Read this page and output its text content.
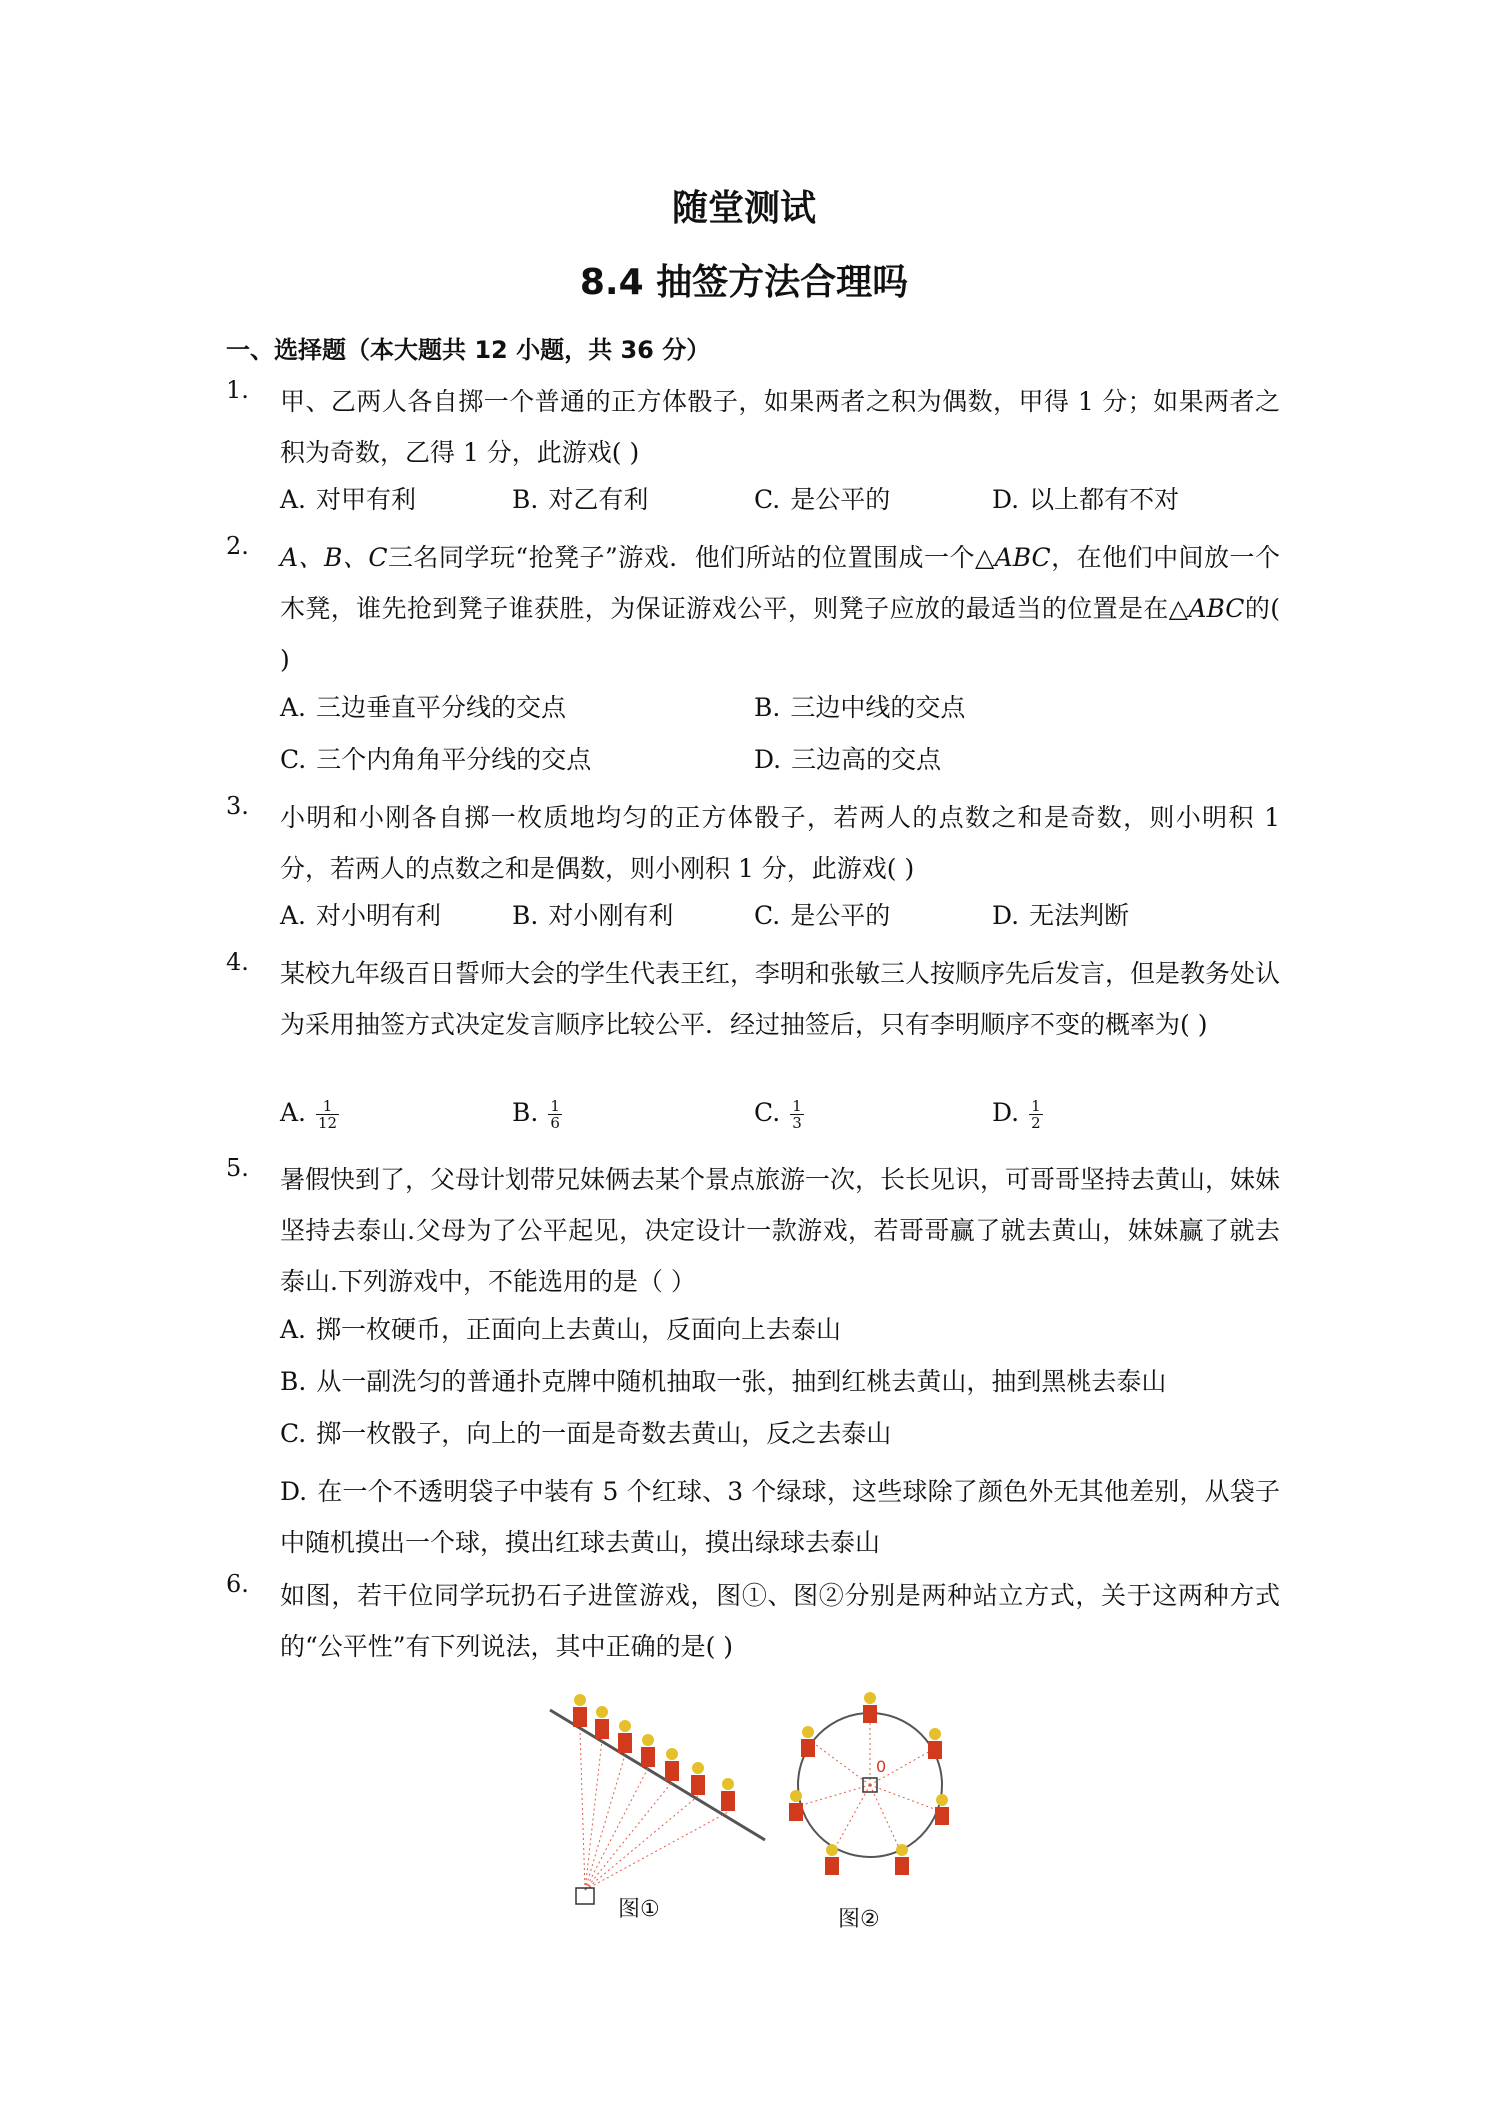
随堂测试
8.4 抽签方法合理吗
一、选择题（本大题共 12 小题，共 36 分）
1. 甲、乙两人各自掷一个普通的正方体骰子，如果两者之积为偶数，甲得 1 分；如果两者之积为奇数，乙得 1 分，此游戏( )
A. 对甲有利	B. 对乙有利	C. 是公平的	D. 以上都有不对
2. A、B、C三名同学玩“抢凳子”游戏．他们所站的位置围成一个△ABC，在他们中间放一个木凳，谁先抢到凳子谁获胜，为保证游戏公平，则凳子应放的最适当的位置是在△ABC的( )
A. 三边垂直平分线的交点	B. 三边中线的交点
C. 三个内角角平分线的交点	D. 三边高的交点
3. 小明和小刚各自掷一枚质地均匀的正方体骰子，若两人的点数之和是奇数，则小明积 1 分，若两人的点数之和是偶数，则小刚积 1 分，此游戏( )
A. 对小明有利	B. 对小刚有利	C. 是公平的	D. 无法判断
4. 某校九年级百日誓师大会的学生代表王红，李明和张敏三人按顺序先后发言，但是教务处认为采用抽签方式决定发言顺序比较公平．经过抽签后，只有李明顺序不变的概率为( )
A. $\frac{1}{12}$	B. $\frac{1}{6}$	C. $\frac{1}{3}$	D. $\frac{1}{2}$
5. 暑假快到了，父母计划带兄妹俩去某个景点旅游一次，长长见识，可哥哥坚持去黄山，妹妹坚持去泰山.父母为了公平起见，决定设计一款游戏，若哥哥赢了就去黄山，妹妹赢了就去泰山.下列游戏中，不能选用的是（ ）
A. 掷一枚硬币，正面向上去黄山，反面向上去泰山
B. 从一副洗匀的普通扑克牌中随机抽取一张，抽到红桃去黄山，抽到黑桃去泰山
C. 掷一枚骰子，向上的一面是奇数去黄山，反之去泰山
D. 在一个不透明袋子中装有 5 个红球、3 个绿球，这些球除了颜色外无其他差别，从袋子中随机摸出一个球，摸出红球去黄山，摸出绿球去泰山
6. 如图，若干位同学玩扔石子进筐游戏，图①、图②分别是两种站立方式，关于这两种方式的“公平性”有下列说法，其中正确的是( )
0
图①	图②
